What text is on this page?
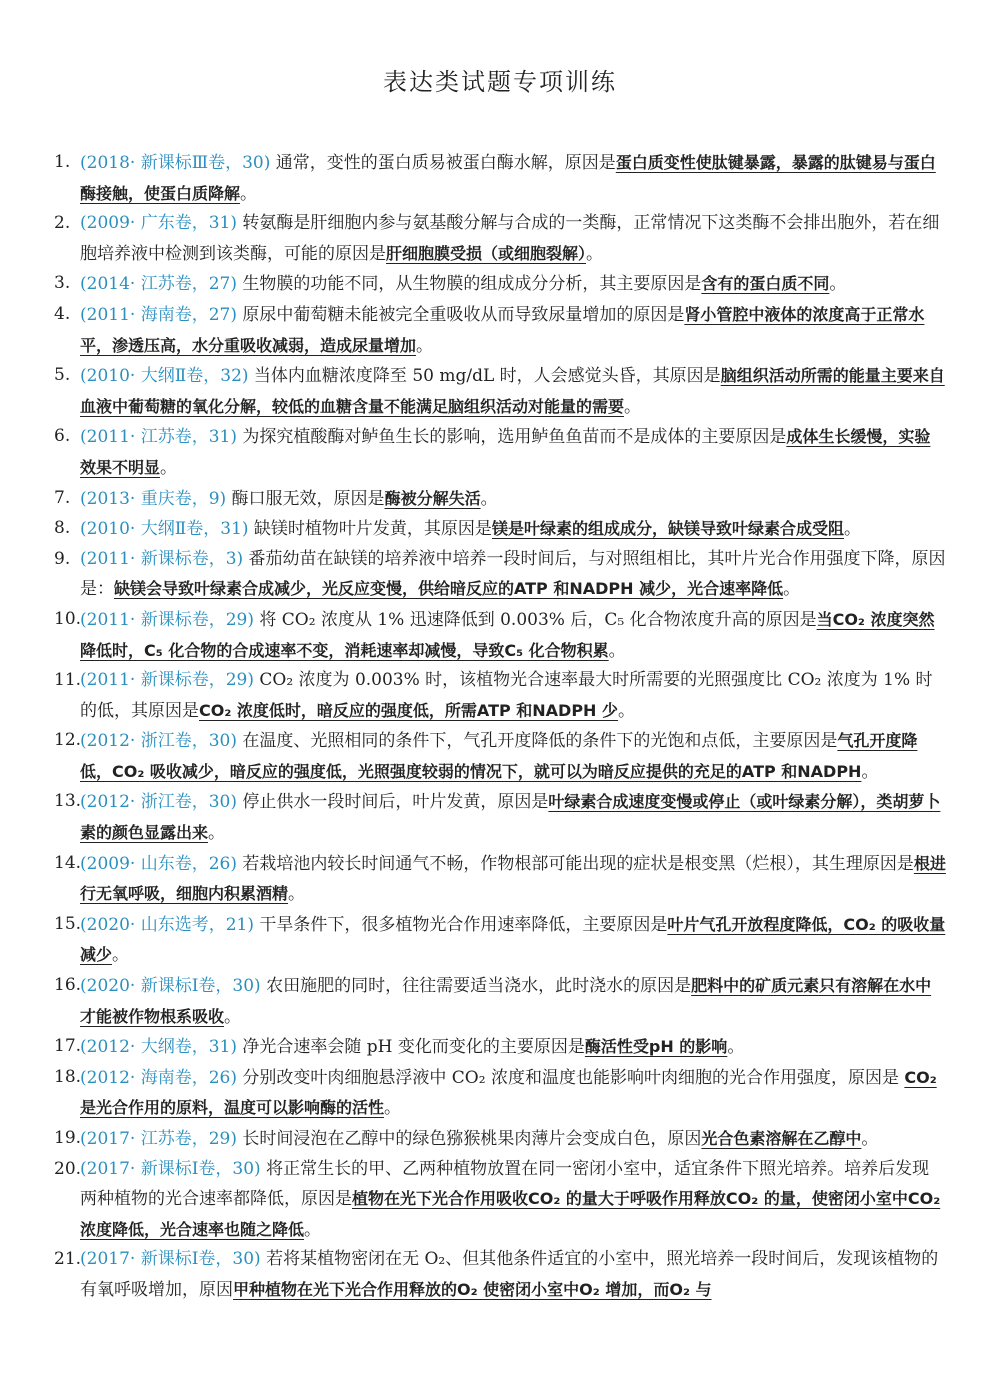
表达类试题专项训练
1. (2018· 新课标Ⅲ卷，30) 通常，变性的蛋白质易被蛋白酶水解，原因是蛋白质变性使肽键暴露，暴露的肽键易与蛋白酶接触，使蛋白质降解。
2. (2009· 广东卷，31) 转氨酶是肝细胞内参与氨基酸分解与合成的一类酶，正常情况下这类酶不会排出胞外，若在细胞培养液中检测到该类酶，可能的原因是肝细胞膜受损（或细胞裂解）。
3. (2014· 江苏卷，27) 生物膜的功能不同，从生物膜的组成成分分析，其主要原因是含有的蛋白质不同。
4. (2011· 海南卷，27) 原尿中葡萄糖未能被完全重吸收从而导致尿量增加的原因是肾小管腔中液体的浓度高于正常水平，渗透压高，水分重吸收减弱，造成尿量增加。
5. (2010· 大纲Ⅱ卷，32) 当体内血糖浓度降至 50 mg/dL 时，人会感觉头昏，其原因是脑组织活动所需的能量主要来自血液中葡萄糖的氧化分解，较低的血糖含量不能满足脑组织活动对能量的需要。
6. (2011· 江苏卷，31) 为探究植酸酶对鲈鱼生长的影响，选用鲈鱼鱼苗而不是成体的主要原因是成体生长缓慢，实验效果不明显。
7. (2013· 重庆卷，9) 酶口服无效，原因是酶被分解失活。
8. (2010· 大纲Ⅱ卷，31) 缺镁时植物叶片发黄，其原因是镁是叶绿素的组成成分，缺镁导致叶绿素合成受阻。
9. (2011· 新课标卷，3) 番茄幼苗在缺镁的培养液中培养一段时间后，与对照组相比，其叶片光合作用强度下降，原因是：缺镁会导致叶绿素合成减少，光反应变慢，供给暗反应的ATP 和NADPH 减少，光合速率降低。
10.
(2011· 新课标卷，29) 将 CO₂ 浓度从 1% 迅速降低到 0.003% 后，C₅ 化合物浓度升高的原因是当CO₂ 浓度突然降低时，C₅ 化合物的合成速率不变，消耗速率却减慢，导致C₅ 化合物积累。
11.
(2011· 新课标卷，29) CO₂ 浓度为 0.003% 时，该植物光合速率最大时所需要的光照强度比 CO₂ 浓度为 1% 时的低，其原因是CO₂ 浓度低时，暗反应的强度低，所需ATP 和NADPH 少。
12.
(2012· 浙江卷，30) 在温度、光照相同的条件下，气孔开度降低的条件下的光饱和点低，主要原因是气孔开度降低，CO₂ 吸收减少，暗反应的强度低，光照强度较弱的情况下，就可以为暗反应提供的充足的ATP 和NADPH。
13.
(2012· 浙江卷，30) 停止供水一段时间后，叶片发黄，原因是叶绿素合成速度变慢或停止（或叶绿素分解），类胡萝卜素的颜色显露出来。
14.
(2009· 山东卷，26) 若栽培池内较长时间通气不畅，作物根部可能出现的症状是根变黑（烂根），其生理原因是根进行无氧呼吸，细胞内积累酒精。
15.
(2020· 山东选考，21) 干旱条件下，很多植物光合作用速率降低，主要原因是叶片气孔开放程度降低，CO₂ 的吸收量减少。
16.
(2020· 新课标Ⅰ卷，30) 农田施肥的同时，往往需要适当浇水，此时浇水的原因是肥料中的矿质元素只有溶解在水中才能被作物根系吸收。
17.
(2012· 大纲卷，31) 净光合速率会随 pH 变化而变化的主要原因是酶活性受pH 的影响。
18.
(2012· 海南卷，26) 分别改变叶肉细胞悬浮液中 CO₂ 浓度和温度也能影响叶肉细胞的光合作用强度，原因是 CO₂ 是光合作用的原料，温度可以影响酶的活性。
19.
(2017· 江苏卷，29) 长时间浸泡在乙醇中的绿色猕猴桃果肉薄片会变成白色，原因光合色素溶解在乙醇中。
20.
(2017· 新课标Ⅰ卷，30) 将正常生长的甲、乙两种植物放置在同一密闭小室中，适宜条件下照光培养。培养后发现两种植物的光合速率都降低，原因是植物在光下光合作用吸收CO₂ 的量大于呼吸作用释放CO₂ 的量，使密闭小室中CO₂ 浓度降低，光合速率也随之降低。
21.
(2017· 新课标Ⅰ卷，30) 若将某植物密闭在无 O₂、但其他条件适宜的小室中，照光培养一段时间后，发现该植物的有氧呼吸增加，原因甲种植物在光下光合作用释放的O₂ 使密闭小室中O₂ 增加，而O₂ 与
